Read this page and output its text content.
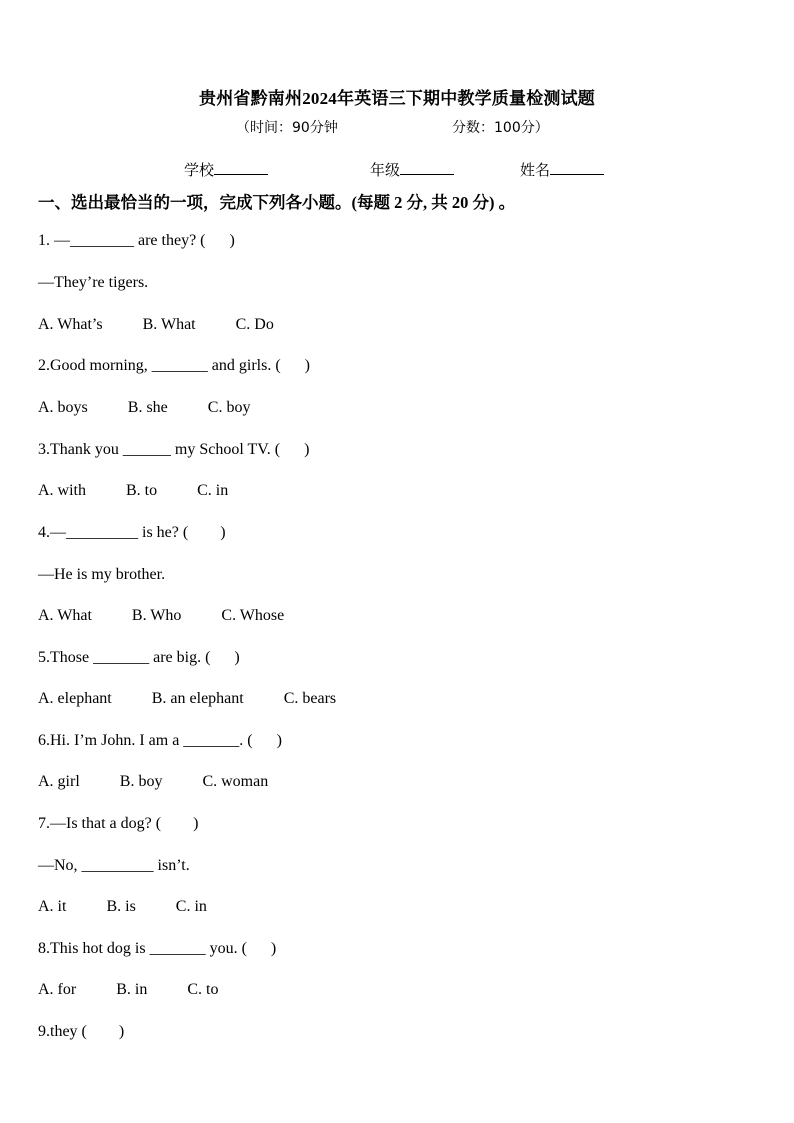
贵州省黔南州2024年英语三下期中教学质量检测试题
（时间：90分钟	分数：100分）
学校	年级	姓名
一、选出最恰当的一项，完成下列各小题。(每题 2 分, 共 20 分) 。
1. —________ are they? (      )
—They’re tigers.
A. What’s          B. What          C. Do
2.Good morning, _______ and girls. (      )
A. boys          B. she          C. boy
3.Thank you ______ my School TV. (      )
A. with          B. to          C. in
4.—_________ is he? (        )
—He is my brother.
A. What          B. Who          C. Whose
5.Those _______ are big. (      )
A. elephant          B. an elephant          C. bears
6.Hi. I’m John. I am a _______. (      )
A. girl          B. boy          C. woman
7.—Is that a dog? (        )
—No, _________ isn’t.
A. it          B. is          C. in
8.This hot dog is _______ you. (      )
A. for          B. in          C. to
9.they (        )
